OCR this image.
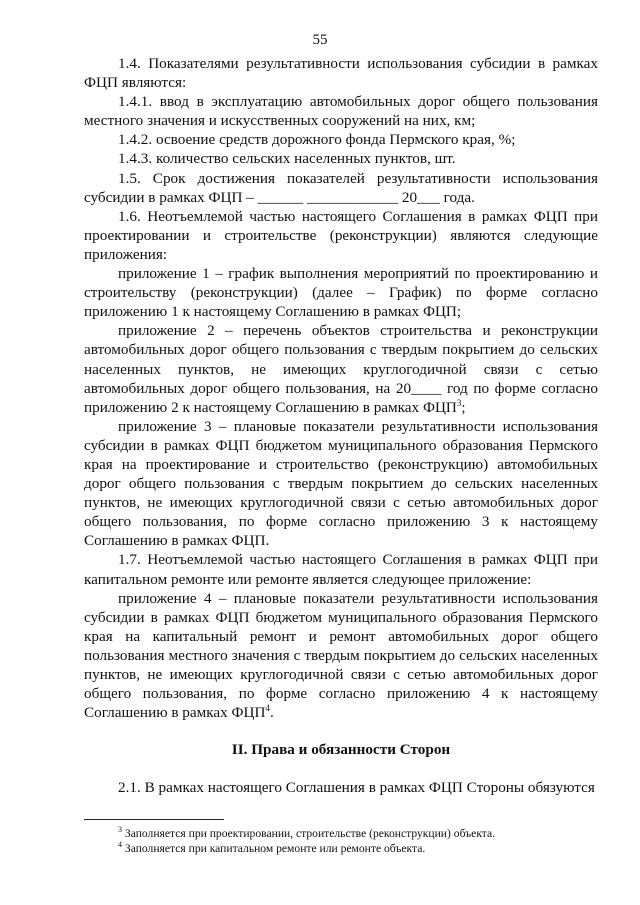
55

1.4. Показателями результативности использования субсидии в рамках ФЦП являются:

1.4.1. ввод в эксплуатацию автомобильных дорог общего пользования местного значения и искусственных сооружений на них, км;

1.4.2. освоение средств дорожного фонда Пермского края, %;

1.4.3. количество сельских населенных пунктов, шт.

1.5. Срок достижения показателей результативности использования субсидии в рамках ФЦП – ______ ____________ 20___ года.

1.6. Неотъемлемой частью настоящего Соглашения в рамках ФЦП при проектировании и строительстве (реконструкции) являются следующие приложения:

приложение 1 – график выполнения мероприятий по проектированию и строительству (реконструкции) (далее – График) по форме согласно приложению 1 к настоящему Соглашению в рамках ФЦП;

приложение 2 – перечень объектов строительства и реконструкции автомобильных дорог общего пользования с твердым покрытием до сельских населенных пунктов, не имеющих круглогодичной связи с сетью автомобильных дорог общего пользования, на 20____ год по форме согласно приложению 2 к настоящему Соглашению в рамках ФЦП$^3$;

приложение 3 – плановые показатели результативности использования субсидии в рамках ФЦП бюджетом муниципального образования Пермского края на проектирование и строительство (реконструкцию) автомобильных дорог общего пользования с твердым покрытием до сельских населенных пунктов, не имеющих круглогодичной связи с сетью автомобильных дорог общего пользования, по форме согласно приложению 3 к настоящему Соглашению в рамках ФЦП.

1.7. Неотъемлемой частью настоящего Соглашения в рамках ФЦП при капитальном ремонте или ремонте является следующее приложение:

приложение 4 – плановые показатели результативности использования субсидии в рамках ФЦП бюджетом муниципального образования Пермского края на капитальный ремонт и ремонт автомобильных дорог общего пользования местного значения с твердым покрытием до сельских населенных пунктов, не имеющих круглогодичной связи с сетью автомобильных дорог общего пользования, по форме согласно приложению 4 к настоящему Соглашению в рамках ФЦП$^4$.

II. Права и обязанности Сторон

2.1. В рамках настоящего Соглашения в рамках ФЦП Стороны обязуются

$^3$ Заполняется при проектировании, строительстве (реконструкции) объекта.

$^4$ Заполняется при капитальном ремонте или ремонте объекта.
